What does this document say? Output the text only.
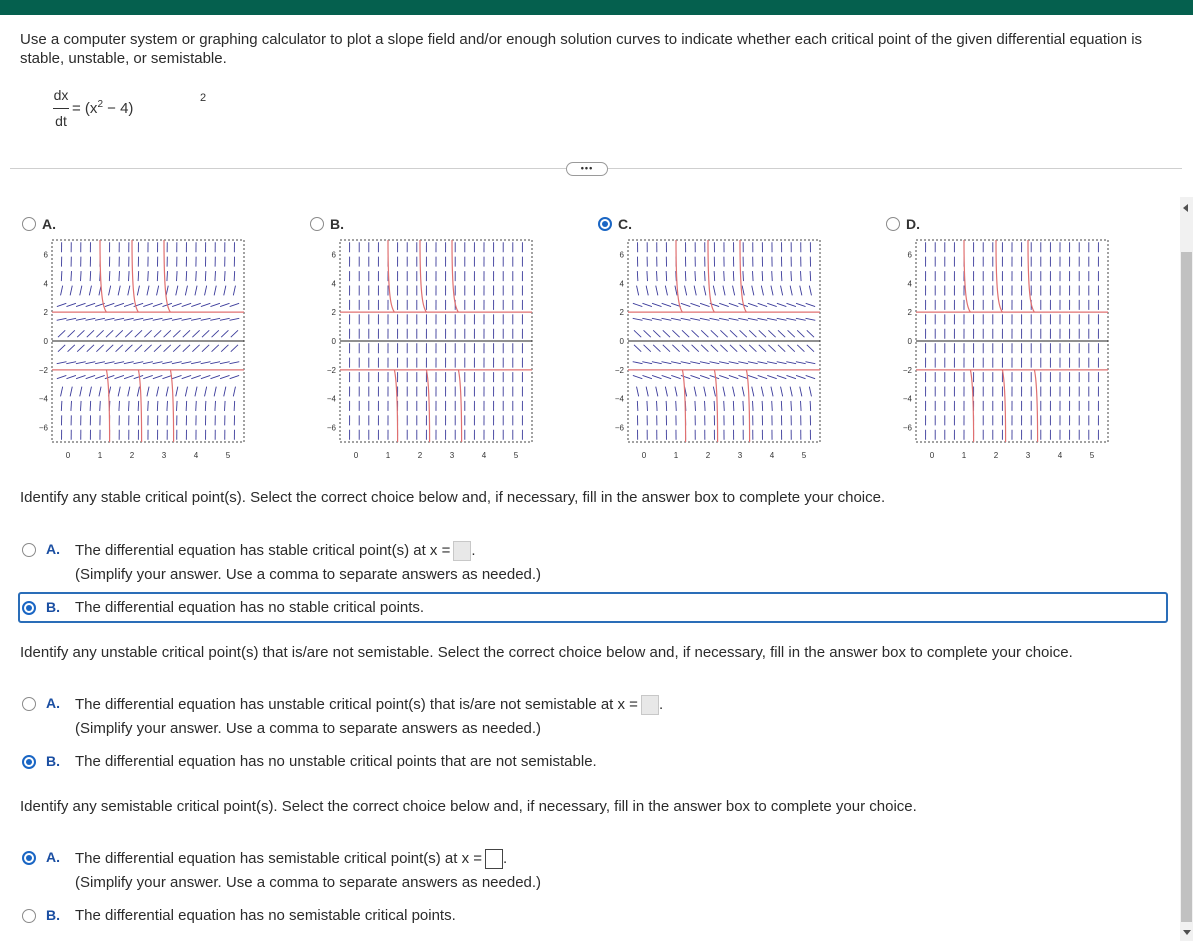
Use a computer system or graphing calculator to plot a slope field and/or enough solution curves to indicate whether each critical point of the given differential equation is stable, unstable, or semistable.
dx
dt
= $(x^2 - 4)$
2
•••
A.
6
4
2
0
−2
−4
−6
0	1	2	3	4	5
B.
6
4
2
0
−2
−4
−6
0	1	2	3	4	5
C.
6
4
2
0
−2
−4
−6
0	1	2	3	4	5
D.
6
4
2
0
−2
−4
−6
0	1	2	3	4	5
Identify any stable critical point(s). Select the correct choice below and, if necessary, fill in the answer box to complete your choice.
A. The differential equation has stable critical point(s) at x = .
(Simplify your answer. Use a comma to separate answers as needed.)
B. The differential equation has no stable critical points.
Identify any unstable critical point(s) that is/are not semistable. Select the correct choice below and, if necessary, fill in the answer box to complete your choice.
A. The differential equation has unstable critical point(s) that is/are not semistable at x = .
(Simplify your answer. Use a comma to separate answers as needed.)
B. The differential equation has no unstable critical points that are not semistable.
Identify any semistable critical point(s). Select the correct choice below and, if necessary, fill in the answer box to complete your choice.
A. The differential equation has semistable critical point(s) at x = .
(Simplify your answer. Use a comma to separate answers as needed.)
B. The differential equation has no semistable critical points.
